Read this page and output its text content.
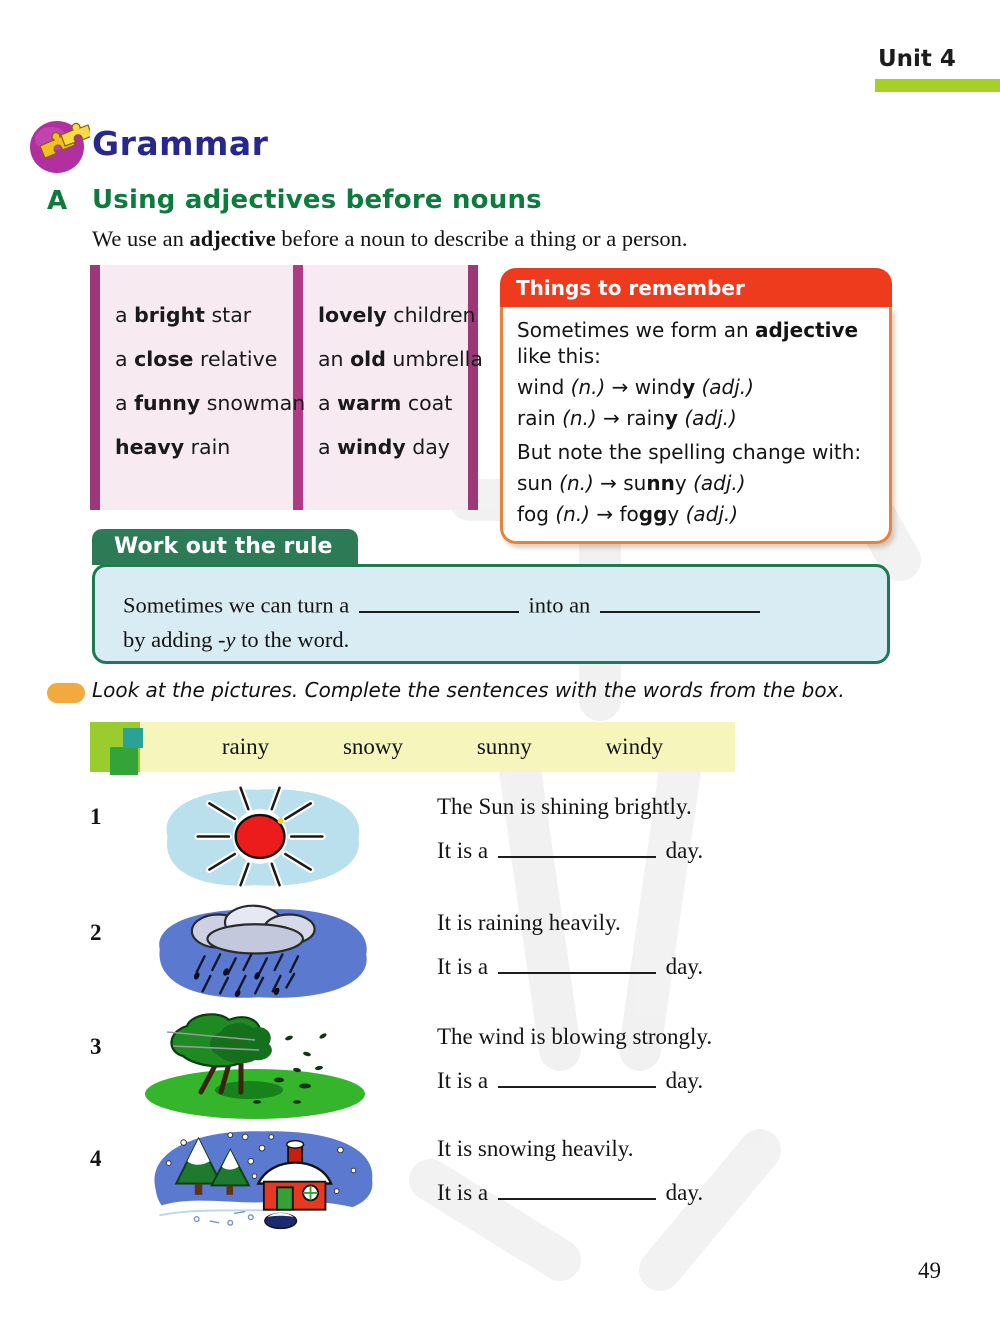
Unit 4
Grammar
A Using adjectives before nouns
We use an adjective before a noun to describe a thing or a person.
a bright star
a close relative
a funny snowman
heavy rain
lovely children
an old umbrella
a warm coat
a windy day
Things to remember
Sometimes we form an adjective like this:
wind (n.) → windy (adj.)
rain (n.) → rainy (adj.)
But note the spelling change with:
sun (n.) → sunny (adj.)
fog (n.) → foggy (adj.)
Sometimes we can turn a	into an
by adding -y to the word.
Work out the rule
Look at the pictures. Complete the sentences with the words from the box.
rainy	snowy	sunny	windy
1	The Sun is shining brightly.
It is a	day.
2	It is raining heavily.
It is a	day.
3	The wind is blowing strongly.
It is a	day.
4	It is snowing heavily.
It is a	day.
49
